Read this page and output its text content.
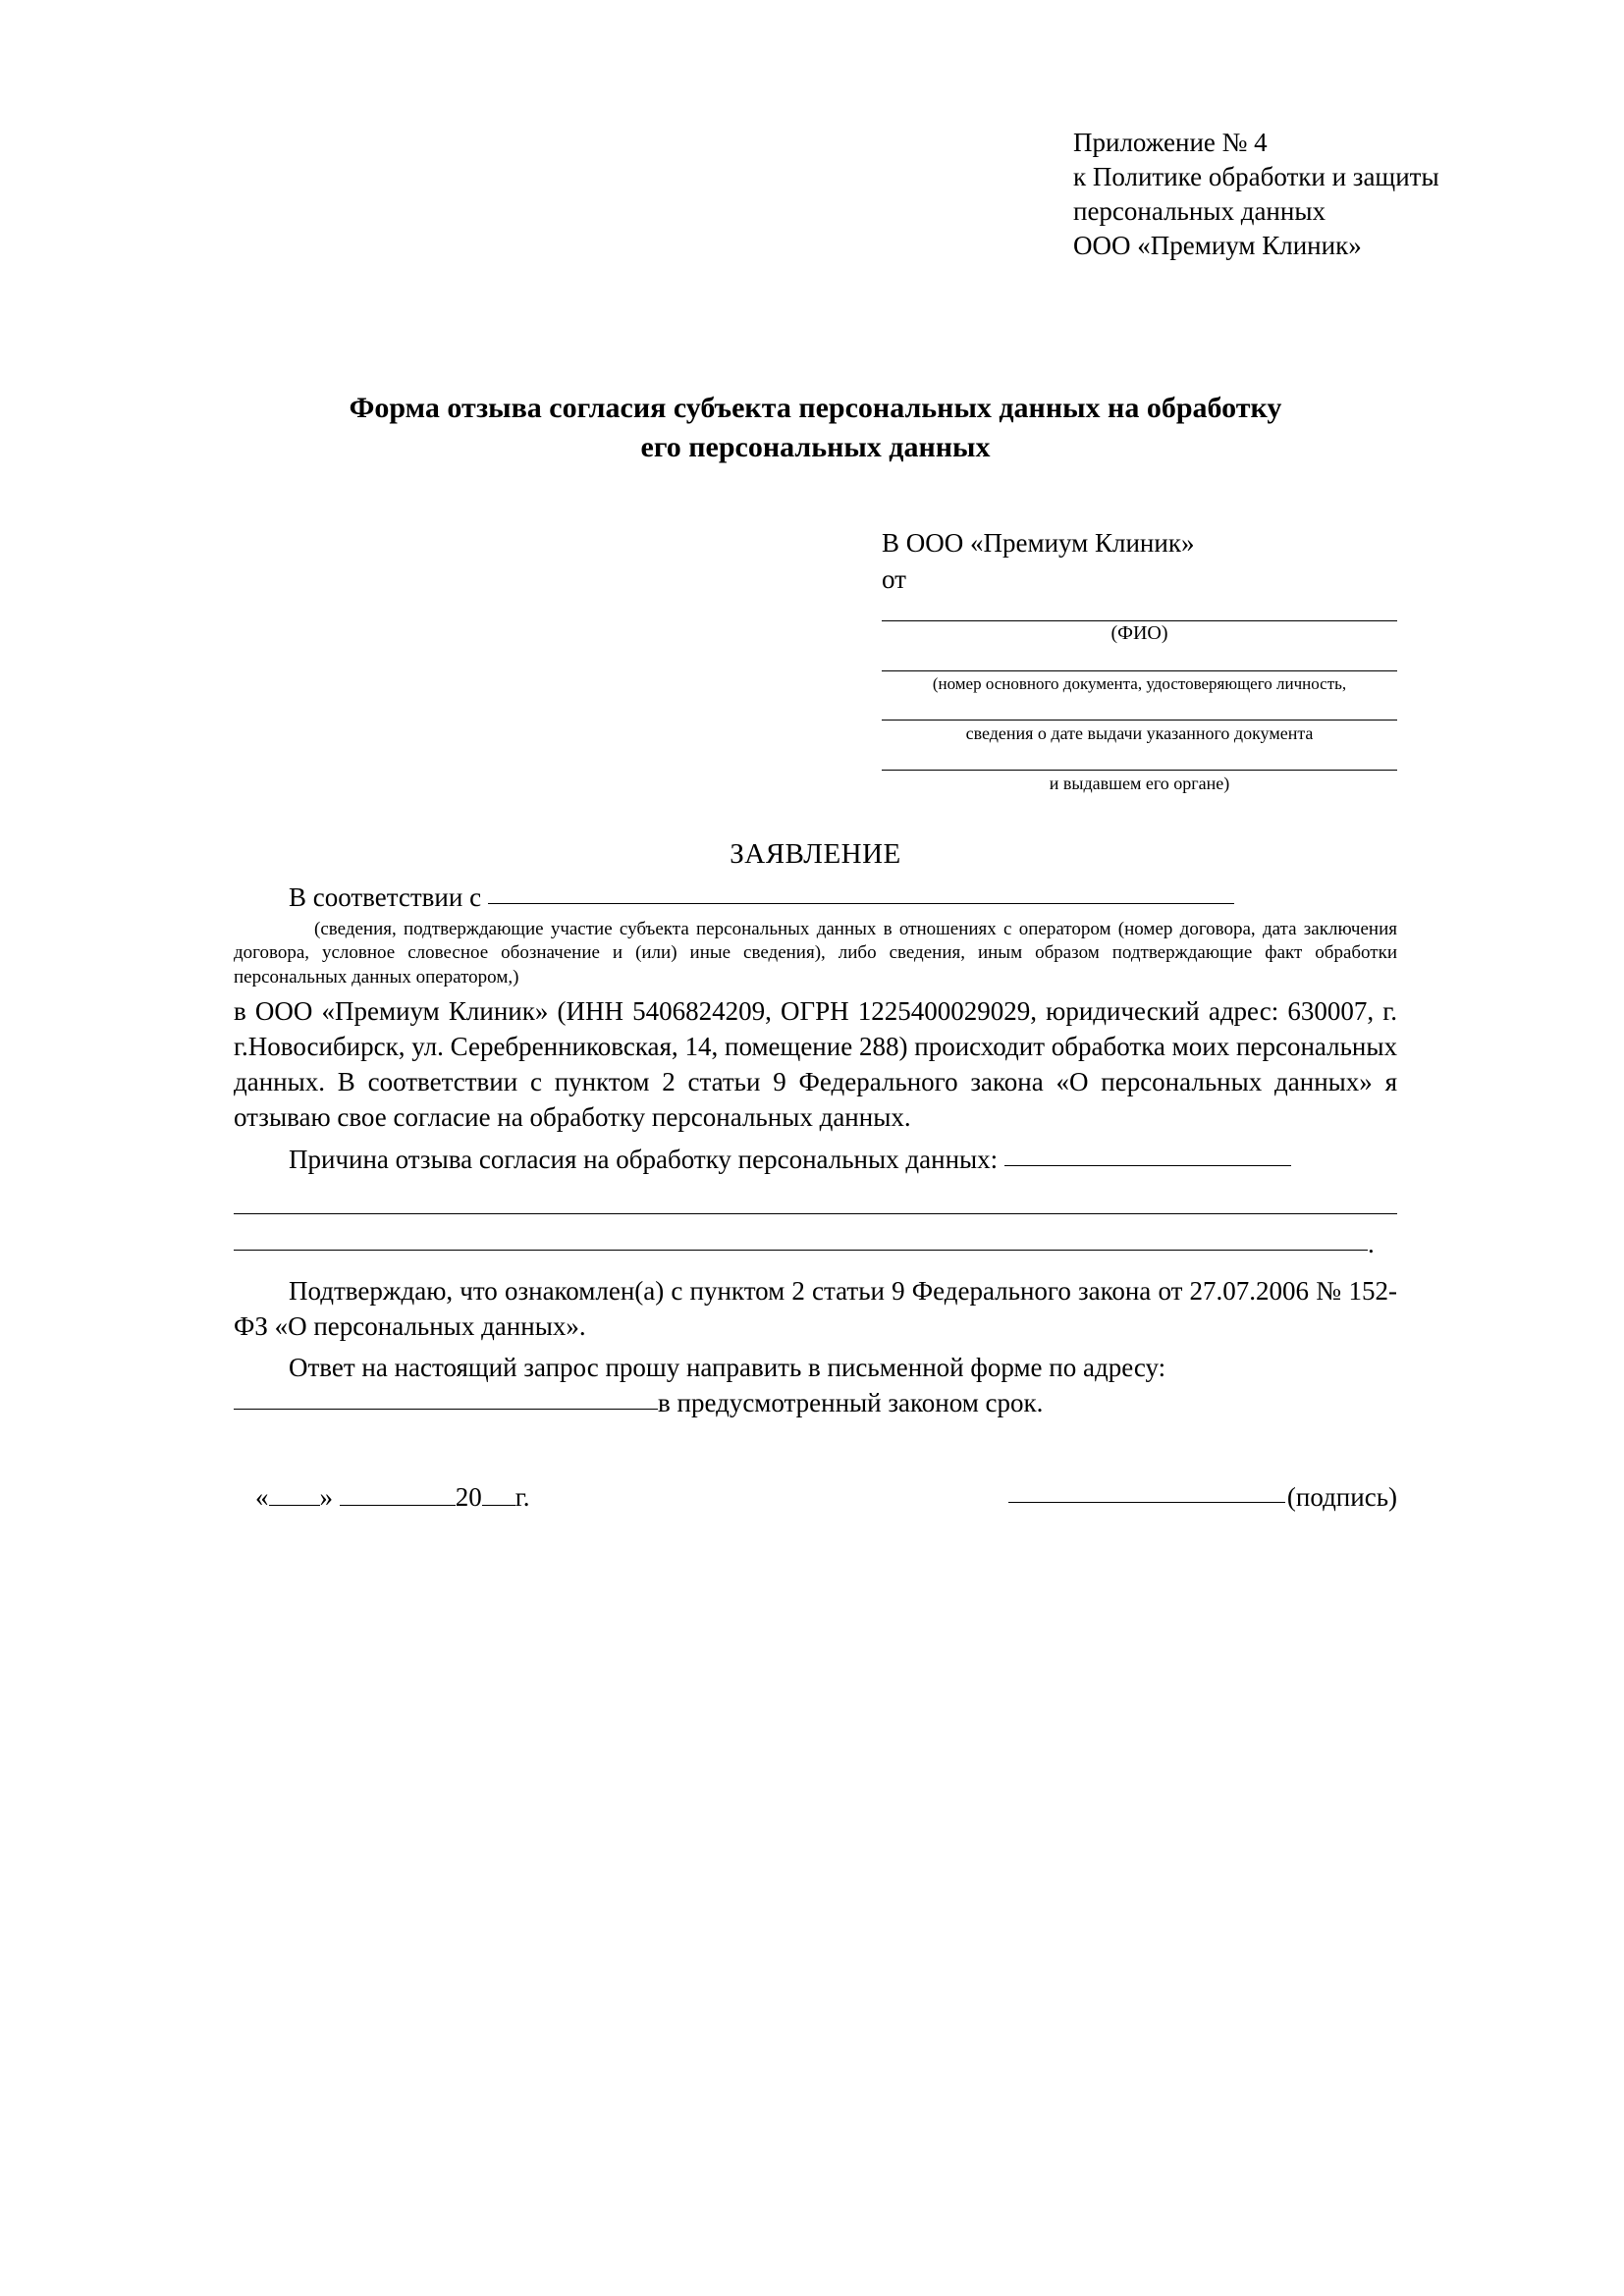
Приложение № 4
к Политике обработки и защиты
персональных данных
ООО «Премиум Клиник»
Форма отзыва согласия субъекта персональных данных на обработку
его персональных данных
В ООО «Премиум Клиник»
от
(ФИО)
(номер основного документа, удостоверяющего личность,
сведения о дате выдачи указанного документа
и выдавшем его органе)
ЗАЯВЛЕНИЕ

В соответствии с

(сведения, подтверждающие участие субъекта персональных данных в отношениях с оператором (номер договора, дата заключения договора, условное словесное обозначение и (или) иные сведения), либо сведения, иным образом подтверждающие факт обработки персональных данных оператором,)

в ООО «Премиум Клиник» (ИНН 5406824209, ОГРН 1225400029029, юридический адрес: 630007, г. г.Новосибирск, ул. Серебренниковская, 14, помещение 288) происходит обработка моих персональных данных. В соответствии с пунктом 2 статьи 9 Федерального закона «О персональных данных» я отзываю свое согласие на обработку персональных данных.

Причина отзыва согласия на обработку персональных данных:

.

Подтверждаю, что ознакомлен(а) с пунктом 2 статьи 9 Федерального закона от 27.07.2006 № 152-ФЗ «О персональных данных».

Ответ на настоящий запрос прошу направить в письменной форме по адресу:

в предусмотренный законом срок.

« »	20 г.	(подпись)
